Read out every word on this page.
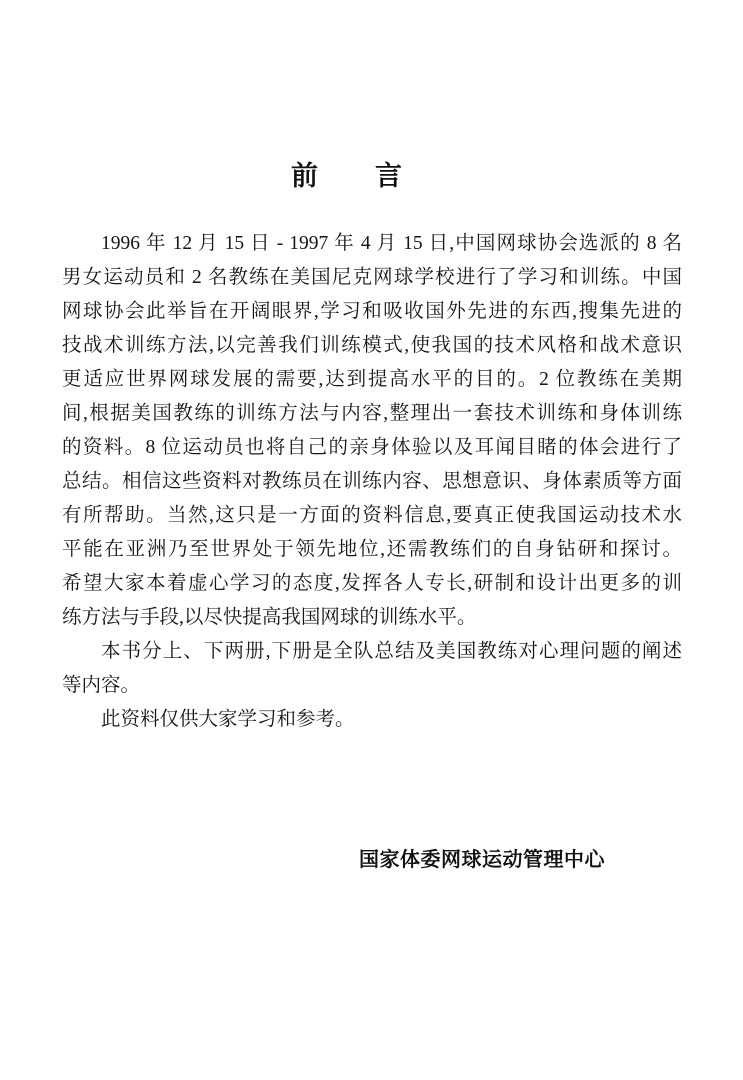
前　　言
1996 年 12 月 15 日 - 1997 年 4 月 15 日,中国网球协会选派的 8 名
男女运动员和 2 名教练在美国尼克网球学校进行了学习和训练。中国
网球协会此举旨在开阔眼界,学习和吸收国外先进的东西,搜集先进的
技战术训练方法,以完善我们训练模式,使我国的技术风格和战术意识
更适应世界网球发展的需要,达到提高水平的目的。2 位教练在美期
间,根据美国教练的训练方法与内容,整理出一套技术训练和身体训练
的资料。8 位运动员也将自己的亲身体验以及耳闻目睹的体会进行了
总结。相信这些资料对教练员在训练内容、思想意识、身体素质等方面
有所帮助。当然,这只是一方面的资料信息,要真正使我国运动技术水
平能在亚洲乃至世界处于领先地位,还需教练们的自身钻研和探讨。
希望大家本着虚心学习的态度,发挥各人专长,研制和设计出更多的训
练方法与手段,以尽快提高我国网球的训练水平。
本书分上、下两册,下册是全队总结及美国教练对心理问题的阐述
等内容。
此资料仅供大家学习和参考。
国家体委网球运动管理中心
